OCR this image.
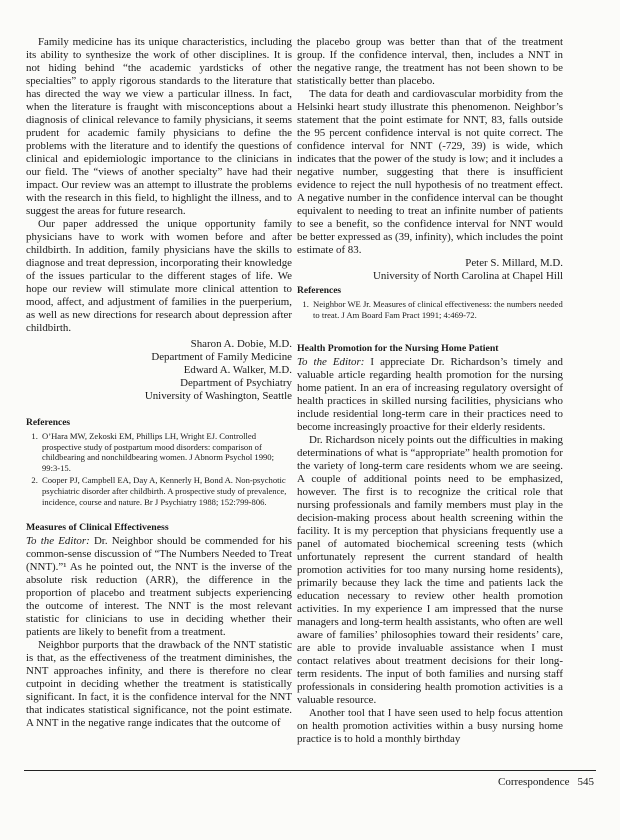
Family medicine has its unique characteristics, including its ability to synthesize the work of other disciplines. It is not hiding behind “the academic yardsticks of other specialties” to apply rigorous standards to the literature that has directed the way we view a particular illness. In fact, when the literature is fraught with misconceptions about a diagnosis of clinical relevance to family physicians, it seems prudent for academic family physicians to define the problems with the literature and to identify the questions of clinical and epidemiologic importance to the clinicians in our field. The “views of another specialty” have had their impact. Our review was an attempt to illustrate the problems with the research in this field, to highlight the illness, and to suggest the areas for future research.

Our paper addressed the unique opportunity family physicians have to work with women before and after childbirth. In addition, family physicians have the skills to diagnose and treat depression, incorporating their knowledge of the issues particular to the different stages of life. We hope our review will stimulate more clinical attention to mood, affect, and adjustment of families in the puerperium, as well as new directions for research about depression after childbirth.

Sharon A. Dobie, M.D.

Department of Family Medicine

Edward A. Walker, M.D.

Department of Psychiatry

University of Washington, Seattle

References
1. O’Hara MW, Zekoski EM, Phillips LH, Wright EJ. Controlled prospective study of postpartum mood disorders: comparison of childbearing and nonchildbearing women. J Abnorm Psychol 1990; 99:3-15.
2. Cooper PJ, Campbell EA, Day A, Kennerly H, Bond A. Non-psychotic psychiatric disorder after childbirth. A prospective study of prevalence, incidence, course and nature. Br J Psychiatry 1988; 152:799-806.
Measures of Clinical Effectiveness

To the Editor: Dr. Neighbor should be commended for his common-sense discussion of “The Numbers Needed to Treat (NNT).”¹ As he pointed out, the NNT is the inverse of the absolute risk reduction (ARR), the difference in the proportion of placebo and treatment subjects experiencing the outcome of interest. The NNT is the most relevant statistic for clinicians to use in deciding whether their patients are likely to benefit from a treatment.

Neighbor purports that the drawback of the NNT statistic is that, as the effectiveness of the treatment diminishes, the NNT approaches infinity, and there is therefore no clear cutpoint in deciding whether the treatment is statistically significant. In fact, it is the confidence interval for the NNT that indicates statistical significance, not the point estimate. A NNT in the negative range indicates that the outcome of

the placebo group was better than that of the treatment group. If the confidence interval, then, includes a NNT in the negative range, the treatment has not been shown to be statistically better than placebo.

The data for death and cardiovascular morbidity from the Helsinki heart study illustrate this phenomenon. Neighbor’s statement that the point estimate for NNT, 83, falls outside the 95 percent confidence interval is not quite correct. The confidence interval for NNT (-729, 39) is wide, which indicates that the power of the study is low; and it includes a negative number, suggesting that there is insufficient evidence to reject the null hypothesis of no treatment effect. A negative number in the confidence interval can be thought equivalent to needing to treat an infinite number of patients to see a benefit, so the confidence interval for NNT would be better expressed as (39, infinity), which includes the point estimate of 83.

Peter S. Millard, M.D.

University of North Carolina at Chapel Hill

References
1. Neighbor WE Jr. Measures of clinical effectiveness: the numbers needed to treat. J Am Board Fam Pract 1991; 4:469-72.
Health Promotion for the Nursing Home Patient

To the Editor: I appreciate Dr. Richardson’s timely and valuable article regarding health promotion for the nursing home patient. In an era of increasing regulatory oversight of health practices in skilled nursing facilities, physicians who include residential long-term care in their practices need to become increasingly proactive for their elderly residents.

Dr. Richardson nicely points out the difficulties in making determinations of what is “appropriate” health promotion for the variety of long-term care residents whom we are seeing. A couple of additional points need to be emphasized, however. The first is to recognize the critical role that nursing professionals and family members must play in the decision-making process about health screening within the facility. It is my perception that physicians frequently use a panel of automated biochemical screening tests (which unfortunately represent the current standard of health promotion activities for too many nursing home residents), primarily because they lack the time and patients lack the education necessary to review other health promotion activities. In my experience I am impressed that the nurse managers and long-term health assistants, who often are well aware of families’ philosophies toward their residents’ care, are able to provide invaluable assistance when I must contact relatives about treatment decisions for their long-term residents. The input of both families and nursing staff professionals in considering health promotion activities is a valuable resource.

Another tool that I have seen used to help focus attention on health promotion activities within a busy nursing home practice is to hold a monthly birthday

Correspondence 545
